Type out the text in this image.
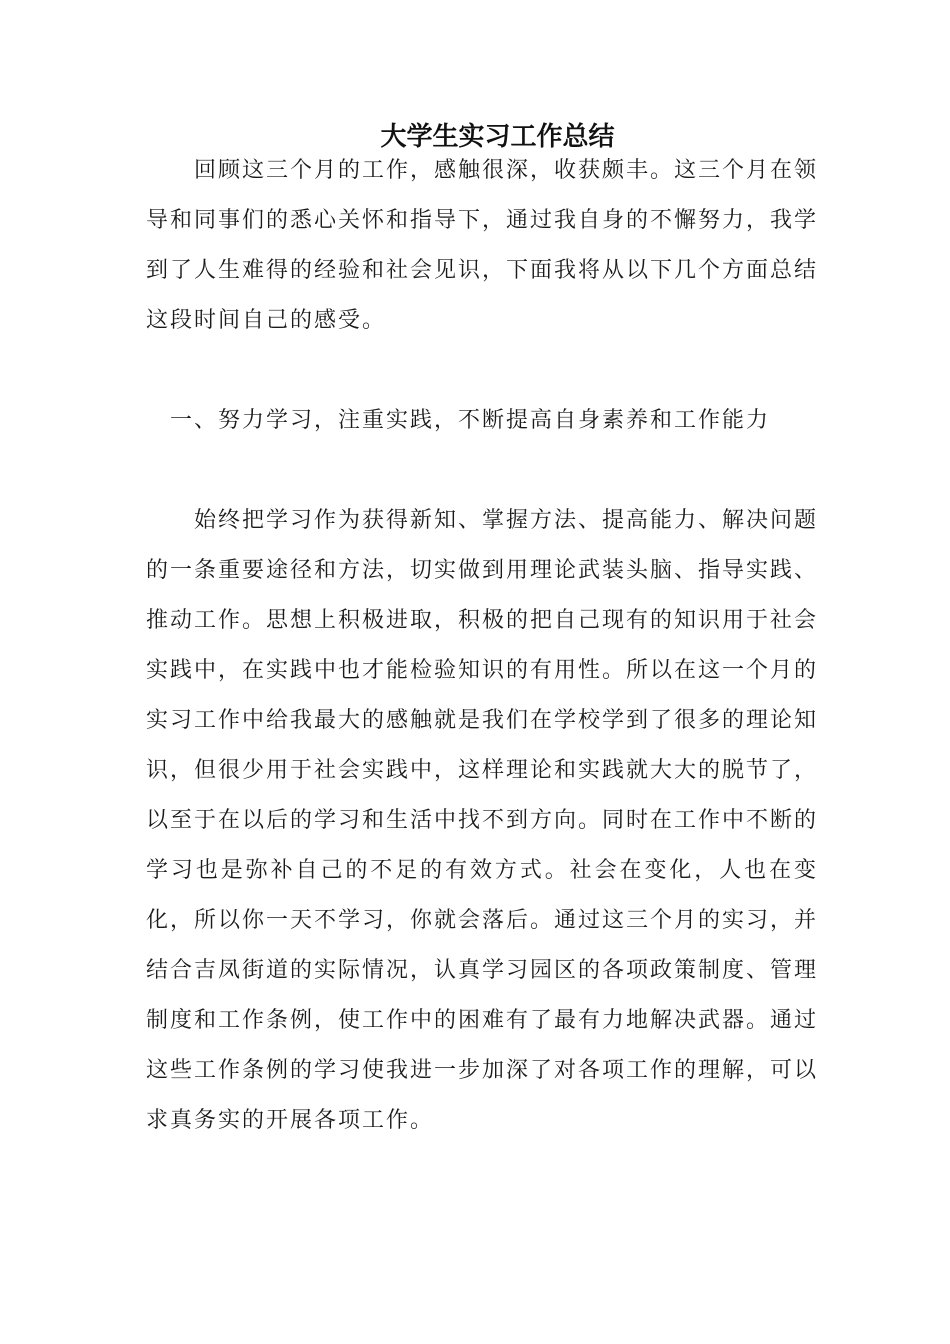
大学生实习工作总结

回顾这三个月的工作，感触很深，收获颇丰。这三个月在领导和同事们的悉心关怀和指导下，通过我自身的不懈努力，我学到了人生难得的经验和社会见识，下面我将从以下几个方面总结这段时间自己的感受。

一、努力学习，注重实践，不断提高自身素养和工作能力

始终把学习作为获得新知、掌握方法、提高能力、解决问题的一条重要途径和方法，切实做到用理论武装头脑、指导实践、推动工作。思想上积极进取，积极的把自己现有的知识用于社会实践中，在实践中也才能检验知识的有用性。所以在这一个月的实习工作中给我最大的感触就是我们在学校学到了很多的理论知识，但很少用于社会实践中，这样理论和实践就大大的脱节了，以至于在以后的学习和生活中找不到方向。同时在工作中不断的学习也是弥补自己的不足的有效方式。社会在变化，人也在变化，所以你一天不学习，你就会落后。通过这三个月的实习，并结合吉凤街道的实际情况，认真学习园区的各项政策制度、管理制度和工作条例，使工作中的困难有了最有力地解决武器。通过这些工作条例的学习使我进一步加深了对各项工作的理解，可以求真务实的开展各项工作。
